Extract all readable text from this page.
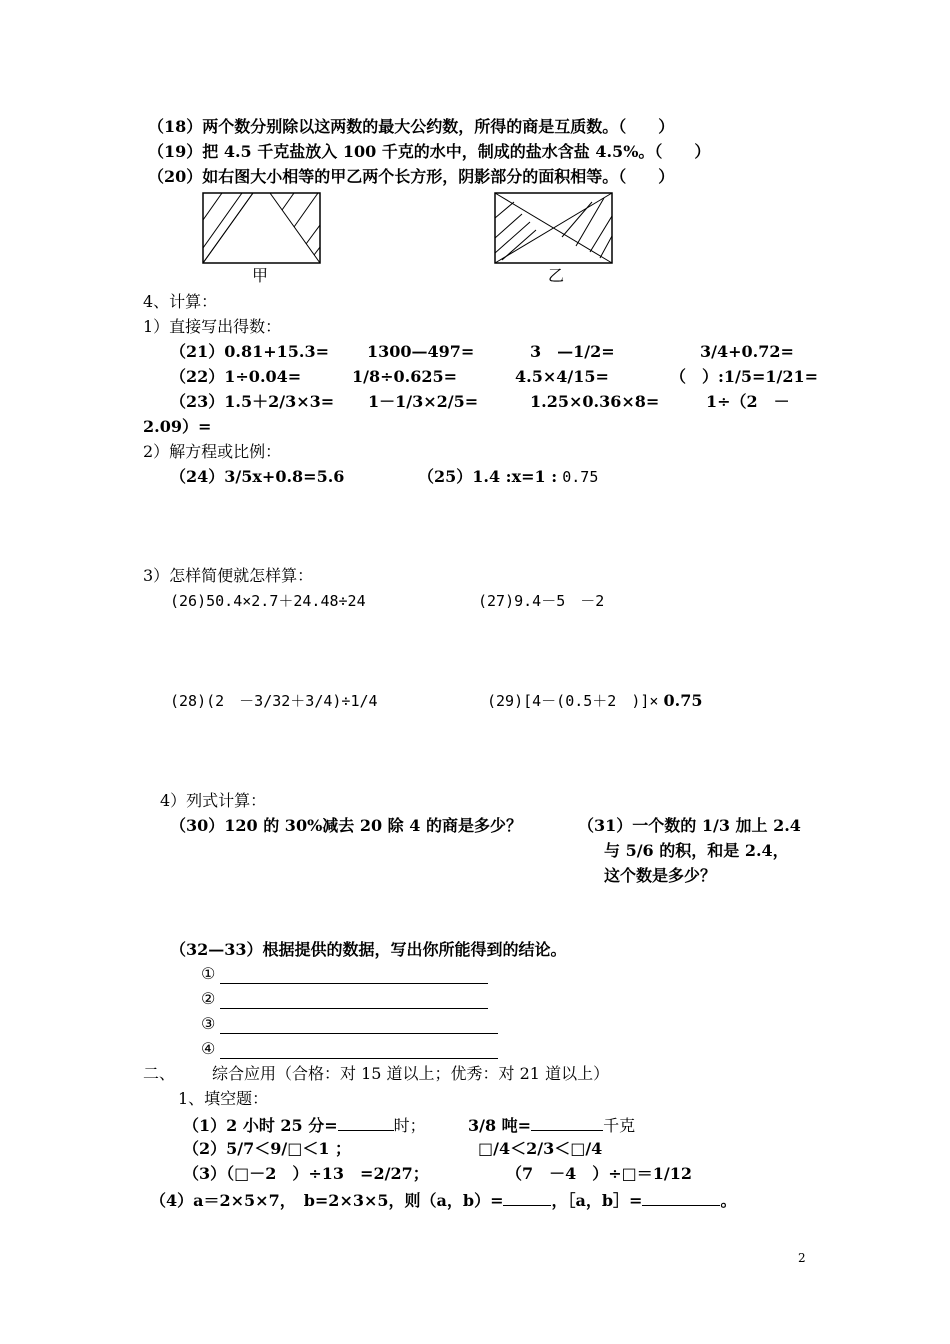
（18）两个数分别除以这两数的最大公约数，所得的商是互质数。（　　）
（19）把 4.5 千克盐放入 100 千克的水中，制成的盐水含盐 4.5%。（　　）
（20）如右图大小相等的甲乙两个长方形，阴影部分的面积相等。（　　）
甲	乙
4、计算：
1）直接写出得数：
（21）0.81+15.3= 1300—497=	3　—1/2=	3/4+0.72=
（22）1÷0.04=	1/8÷0.625=	4.5×4/15=	（　）:1/5=1/21=
（23）1.5＋2/3×3= 1－1/3×2/5=	1.25×0.36×8=	1÷（2　－
2.09）=
2）解方程或比例：
（24）3/5x+0.8=5.6	（25）1.4 :x=1 : 0.75
3）怎样简便就怎样算：
(26)50.4×2.7＋24.48÷24	(27)9.4－5　－2
(28)(2　－3/32＋3/4)÷1/4	(29)[4－(0.5＋2　)]× 0.75
4）列式计算：
（30）120 的 30%减去 20 除 4 的商是多少？	（31）一个数的 1/3 加上 2.4
与 5/6 的积，和是 2.4，
这个数是多少？
（32—33）根据提供的数据，写出你所能得到的结论。
①
②
③
④
二、 综合应用（合格：对 15 道以上；优秀：对 21 道以上）
1、填空题：
（1）2 小时 25 分=	时；	3/8 吨=	千克
（2）5/7＜9/□＜1 ；	□/4＜2/3＜□/4
（3）（□－2　）÷13　=2/27；	（7　－4　）÷□＝1/12
（4）a＝2×5×7，　b=2×3×5，则（a，b）=	，［a，b］=	。
2
